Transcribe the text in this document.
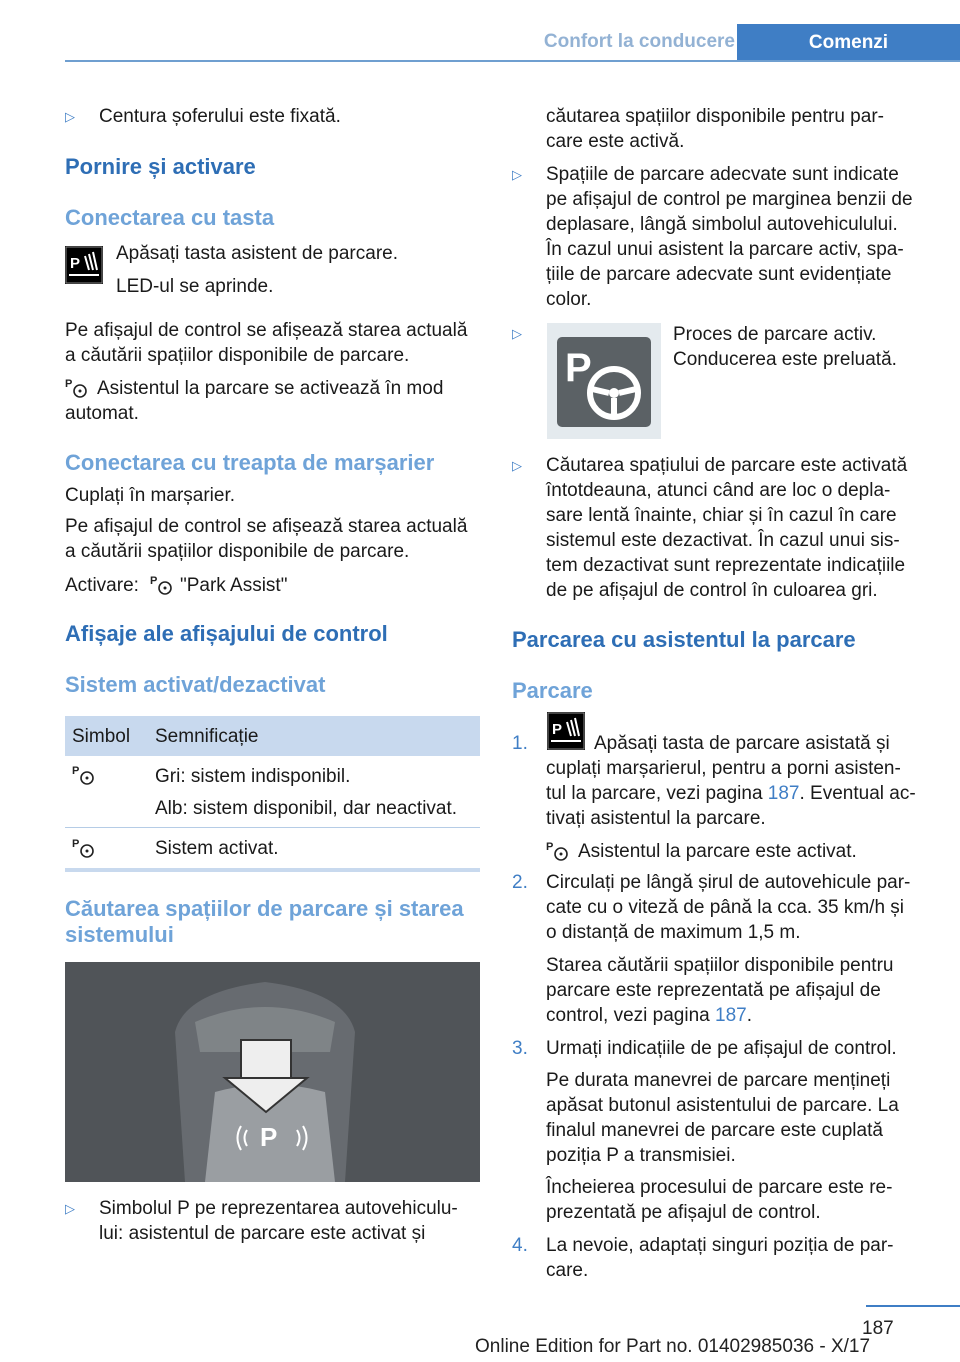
Confort la conducere	Comenzi
▷ Centura șoferului este fixată.

Pornire și activare
Conectarea cu tasta
P Apăsați tasta asistent de parcare.

LED-ul se aprinde.

Pe afișajul de control se afișează starea actuală

a căutării spațiilor disponibile de parcare.

P Asistentul la parcare se activează în mod

automat.

Conectarea cu treapta de marșarier

Cuplați în marșarier.

Pe afișajul de control se afișează starea actuală

a căutării spațiilor disponibile de parcare.

Activare: P "Park Assist"

Afișaje ale afișajului de control
Sistem activat/dezactivat

Simbol Semnificație

P	Gri: sistem indisponibil.

Alb: sistem disponibil, dar neactivat.

P	Sistem activat.

Căutarea spațiilor de parcare și starea
sistemului
P
▷ Simbolul P pe reprezentarea autovehiculu‐

lui: asistentul de parcare este activat și

căutarea spațiilor disponibile pentru par‐

care este activă.

▷ Spațiile de parcare adecvate sunt indicate

pe afișajul de control pe marginea benzii de

deplasare, lângă simbolul autovehiculului.

În cazul unui asistent la parcare activ, spa‐

țiile de parcare adecvate sunt evidențiate

color.

▷
P

Proces de parcare activ.

Conducerea este preluată.

▷ Căutarea spațiului de parcare este activată

întotdeauna, atunci când are loc o depla‐

sare lentă înainte, chiar și în cazul în care

sistemul este dezactivat. În cazul unui sis‐

tem dezactivat sunt reprezentate indicațiile

de pe afișajul de control în culoarea gri.

Parcarea cu asistentul la parcare
Parcare
1.
P

Apăsați tasta de parcare asistată și

cuplați marșarierul, pentru a porni asisten‐

tul la parcare, vezi pagina 187. Eventual ac‐

tivați asistentul la parcare.

P Asistentul la parcare este activat.

2. Circulați pe lângă șirul de autovehicule par‐

cate cu o viteză de până la cca. 35 km/h și

o distanță de maximum 1,5 m.

Starea căutării spațiilor disponibile pentru

parcare este reprezentată pe afișajul de

control, vezi pagina 187.

3. Urmați indicațiile de pe afișajul de control.

Pe durata manevrei de parcare mențineți

apăsat butonul asistentului de parcare. La

finalul manevrei de parcare este cuplată

poziția P a transmisiei.

Încheierea procesului de parcare este re‐

prezentată pe afișajul de control.

4. La nevoie, adaptați singuri poziția de par‐

care.

187
Online Edition for Part no. 01402985036 - X/17
